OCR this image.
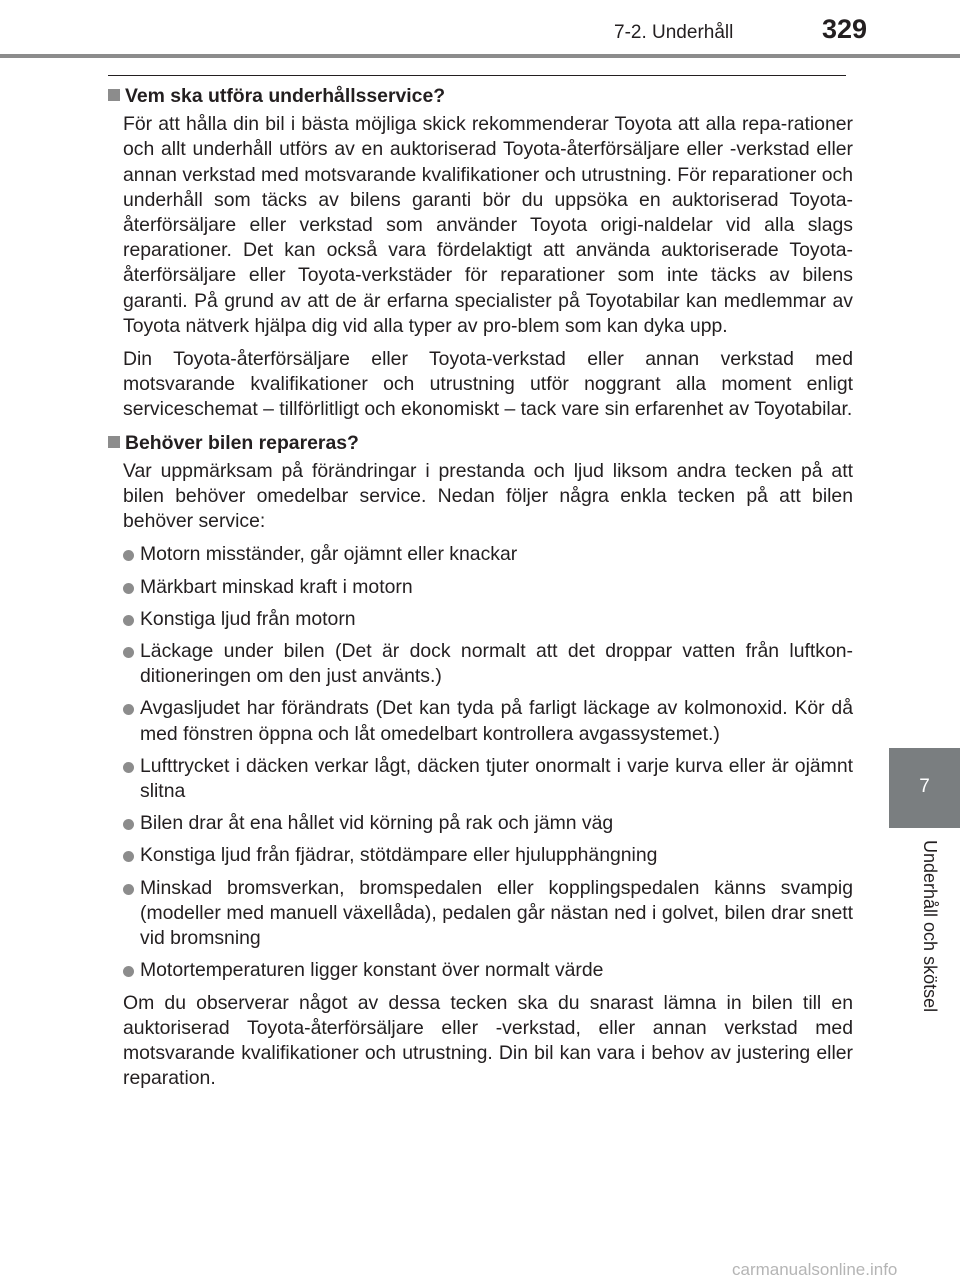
7-2. Underhåll	329
7
Underhåll och skötsel
Vem ska utföra underhållsservice?

För att hålla din bil i bästa möjliga skick rekommenderar Toyota att alla repa-rationer och allt underhåll utförs av en auktoriserad Toyota-återförsäljare eller -verkstad eller annan verkstad med motsvarande kvalifikationer och utrustning. För reparationer och underhåll som täcks av bilens garanti bör du uppsöka en auktoriserad Toyota-återförsäljare eller verkstad som använder Toyota origi-naldelar vid alla slags reparationer. Det kan också vara fördelaktigt att använda auktoriserade Toyota-återförsäljare eller Toyota-verkstäder för reparationer som inte täcks av bilens garanti. På grund av att de är erfarna specialister på Toyotabilar kan medlemmar av Toyota nätverk hjälpa dig vid alla typer av pro-blem som kan dyka upp.

Din Toyota-återförsäljare eller Toyota-verkstad eller annan verkstad med motsvarande kvalifikationer och utrustning utför noggrant alla moment enligt serviceschemat – tillförlitligt och ekonomiskt – tack vare sin erfarenhet av Toyotabilar.

Behöver bilen repareras?

Var uppmärksam på förändringar i prestanda och ljud liksom andra tecken på att bilen behöver omedelbar service. Nedan följer några enkla tecken på att bilen behöver service:

Motorn misständer, går ojämnt eller knackar
Märkbart minskad kraft i motorn
Konstiga ljud från motorn
Läckage under bilen (Det är dock normalt att det droppar vatten från luftkon-ditioneringen om den just använts.)
Avgasljudet har förändrats (Det kan tyda på farligt läckage av kolmonoxid. Kör då med fönstren öppna och låt omedelbart kontrollera avgassystemet.)
Lufttrycket i däcken verkar lågt, däcken tjuter onormalt i varje kurva eller är ojämnt slitna
Bilen drar åt ena hållet vid körning på rak och jämn väg
Konstiga ljud från fjädrar, stötdämpare eller hjulupphängning
Minskad bromsverkan, bromspedalen eller kopplingspedalen känns svampig (modeller med manuell växellåda), pedalen går nästan ned i golvet, bilen drar snett vid bromsning
Motortemperaturen ligger konstant över normalt värde

Om du observerar något av dessa tecken ska du snarast lämna in bilen till en auktoriserad Toyota-återförsäljare eller -verkstad, eller annan verkstad med motsvarande kvalifikationer och utrustning. Din bil kan vara i behov av justering eller reparation.

carmanualsonline.info
